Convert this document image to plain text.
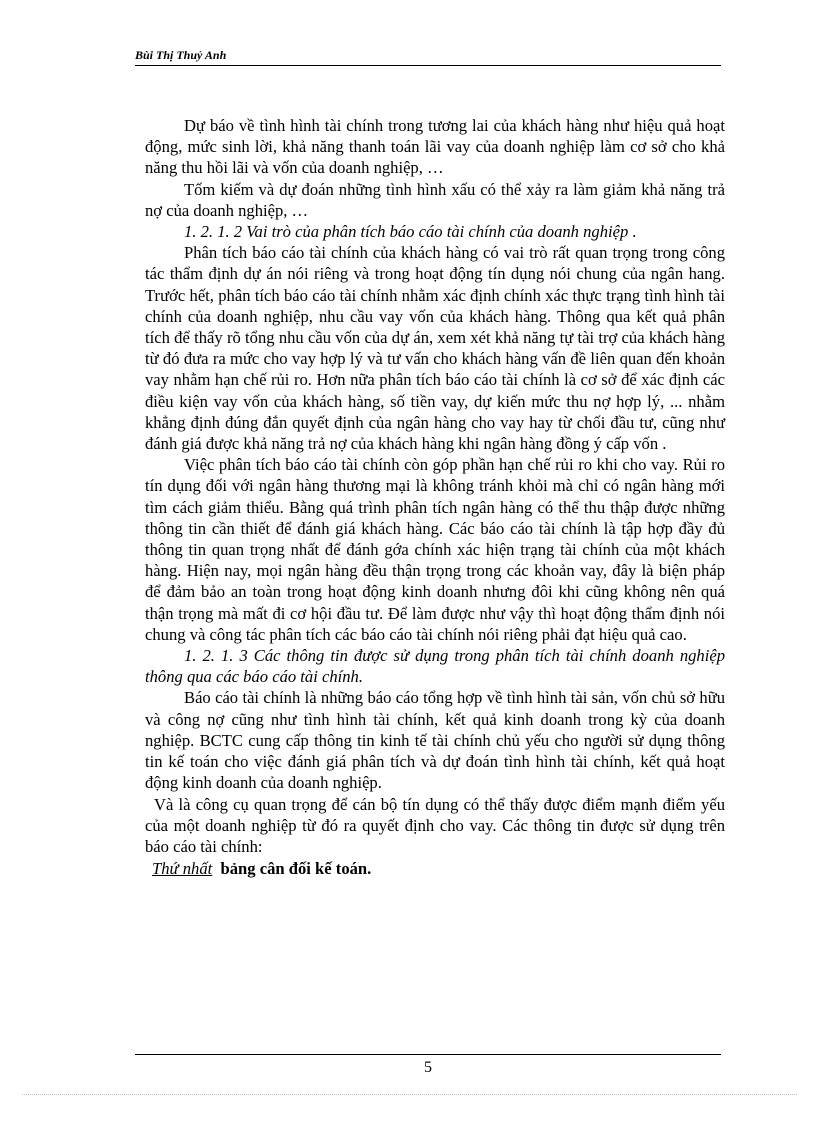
Bùi Thị Thuỷ Anh

Dự báo về tình hình tài chính trong tương lai của khách hàng như hiệu quả hoạt động, mức sinh lời, khả năng thanh toán lãi vay của doanh nghiệp làm cơ sở cho khả năng thu hồi lãi và vốn của doanh nghiệp, …

Tốm kiếm và dự đoán những tình hình xấu có thể xảy ra làm giảm khả năng trả nợ của doanh nghiệp, …

1. 2. 1. 2 Vai trò của phân tích báo cáo tài chính của doanh nghiệp .

Phân tích báo cáo tài chính của khách hàng có vai trò rất quan trọng trong công tác thẩm định dự án nói riêng và trong hoạt động tín dụng nói chung của ngân hang. Trước hết, phân tích báo cáo tài chính nhằm xác định chính xác thực trạng tình hình tài chính của doanh nghiệp, nhu cầu vay vốn của khách hàng. Thông qua kết quả phân tích để thấy rõ tổng nhu cầu vốn của dự án, xem xét khả năng tự tài trợ của khách hàng từ đó đưa ra mức cho vay hợp lý và tư vấn cho khách hàng vấn đề liên quan đến khoản vay nhằm hạn chế rủi ro. Hơn nữa phân tích báo cáo tài chính là cơ sở để xác định các điều kiện vay vốn của khách hàng, số tiền vay, dự kiến mức thu nợ hợp lý, ... nhằm khẳng định đúng đắn quyết định của ngân hàng cho vay hay từ chối đầu tư, cũng như đánh giá được khả năng trả nợ của khách hàng khi ngân hàng đồng ý cấp vốn .

Việc phân tích báo cáo tài chính còn góp phần hạn chế rủi ro khi cho vay. Rủi ro tín dụng đối với ngân hàng thương mại là không tránh khỏi mà chỉ có ngân hàng mới tìm cách giảm thiểu. Bằng quá trình phân tích ngân hàng có thể thu thập được những thông tin cần thiết để đánh giá khách hàng. Các báo cáo tài chính là tập hợp đầy đủ thông tin quan trọng nhất để đánh gớa chính xác hiện trạng tài chính của một khách hàng. Hiện nay, mọi ngân hàng đều thận trọng trong các khoản vay, đây là biện pháp để đảm bảo an toàn trong hoạt động kinh doanh nhưng đôi khi cũng không nên quá thận trọng mà mất đi cơ hội đầu tư. Để làm được như vậy thì hoạt động thẩm định nói chung và công tác phân tích các báo cáo tài chính nói riêng phải đạt hiệu quả cao.

1. 2. 1. 3 Các thông tin được sử dụng trong phân tích tài chính doanh nghiệp thông qua các báo cáo tài chính.

Báo cáo tài chính là những báo cáo tổng hợp về tình hình tài sản, vốn chủ sở hữu và công nợ cũng như tình hình tài chính, kết quả kinh doanh trong kỳ của doanh nghiệp. BCTC cung cấp thông tin kinh tế tài chính chủ yếu cho người sử dụng thông tin kế toán cho việc đánh giá phân tích và dự đoán tình hình tài chính, kết quả hoạt động kinh doanh của doanh nghiệp.

Và là công cụ quan trọng để cán bộ tín dụng có thể thấy được điểm mạnh điểm yếu của một doanh nghiệp từ đó ra quyết định cho vay. Các thông tin được sử dụng trên báo cáo tài chính:

Thứ nhất bảng cân đối kế toán.

5
